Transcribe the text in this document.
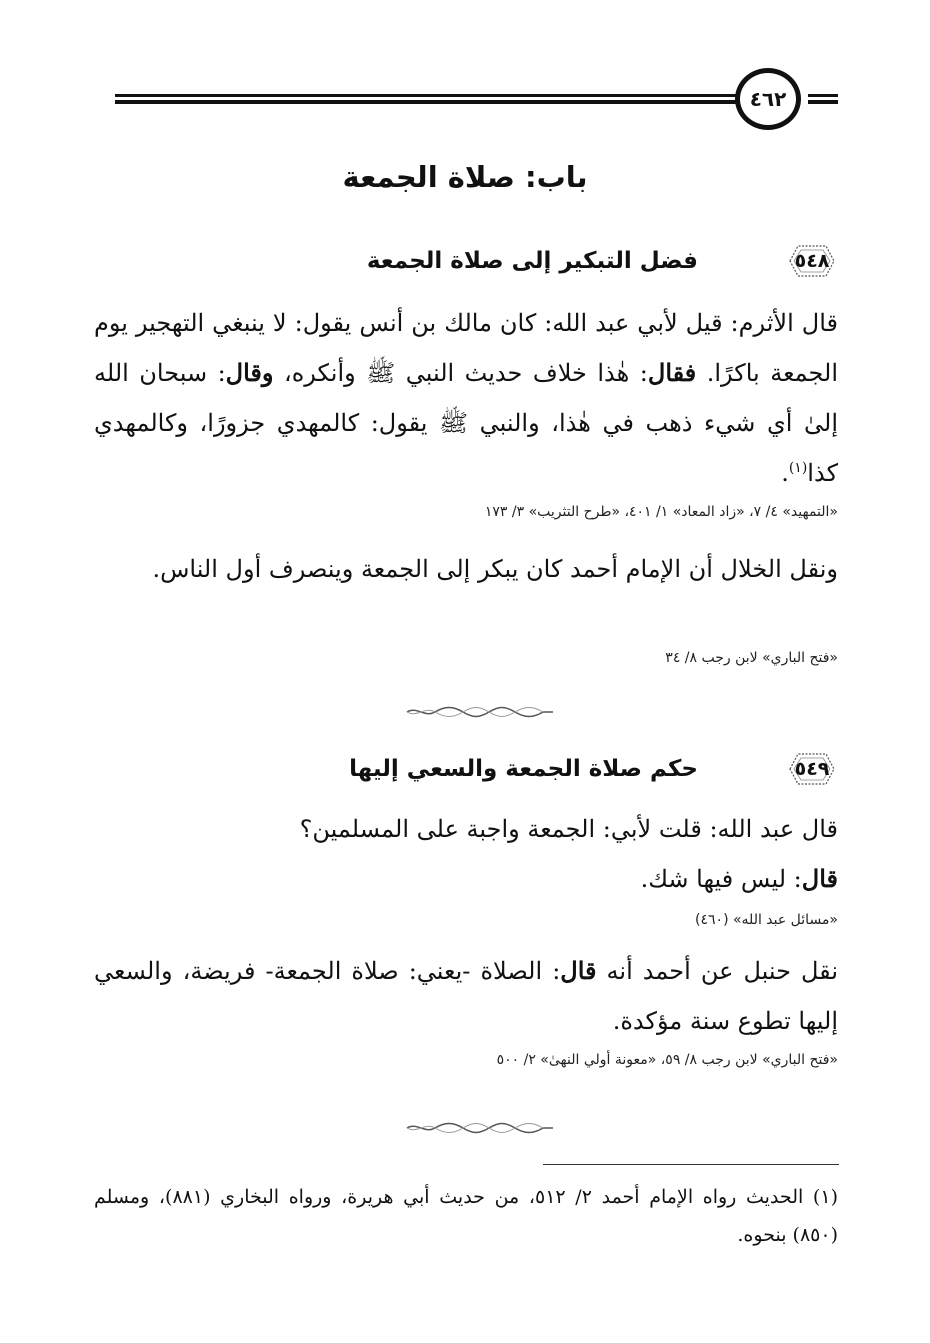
٤٦٢
باب: صلاة الجمعة
٥٤٨
فضل التبكير إلى صلاة الجمعة
قال الأثرم: قيل لأبي عبد الله: كان مالك بن أنس يقول: لا ينبغي التهجير يوم الجمعة باكرًا. فقال: هٰذا خلاف حديث النبي ﷺ وأنكره، وقال: سبحان الله إلىٰ أي شيء ذهب في هٰذا، والنبي ﷺ يقول: كالمهدي جزورًا، وكالمهدي كذا$^{(١)}$.
«التمهيد» ٤/ ٧، «زاد المعاد» ١/ ٤٠١، «طرح التثريب» ٣/ ١٧٣
ونقل الخلال أن الإمام أحمد كان يبكر إلى الجمعة وينصرف أول الناس.
«فتح الباري» لابن رجب ٨/ ٣٤
٥٤٩
حكم صلاة الجمعة والسعي إليها
قال عبد الله: قلت لأبي: الجمعة واجبة على المسلمين؟
قال: ليس فيها شك.
«مسائل عبد الله» (٤٦٠)
نقل حنبل عن أحمد أنه قال: الصلاة -يعني: صلاة الجمعة- فريضة، والسعي إليها تطوع سنة مؤكدة.
«فتح الباري» لابن رجب ٨/ ٥٩، «معونة أولي النهىٰ» ٢/ ٥٠٠
(١) الحديث رواه الإمام أحمد ٢/ ٥١٢، من حديث أبي هريرة، ورواه البخاري (٨٨١)، ومسلم (٨٥٠) بنحوه.
